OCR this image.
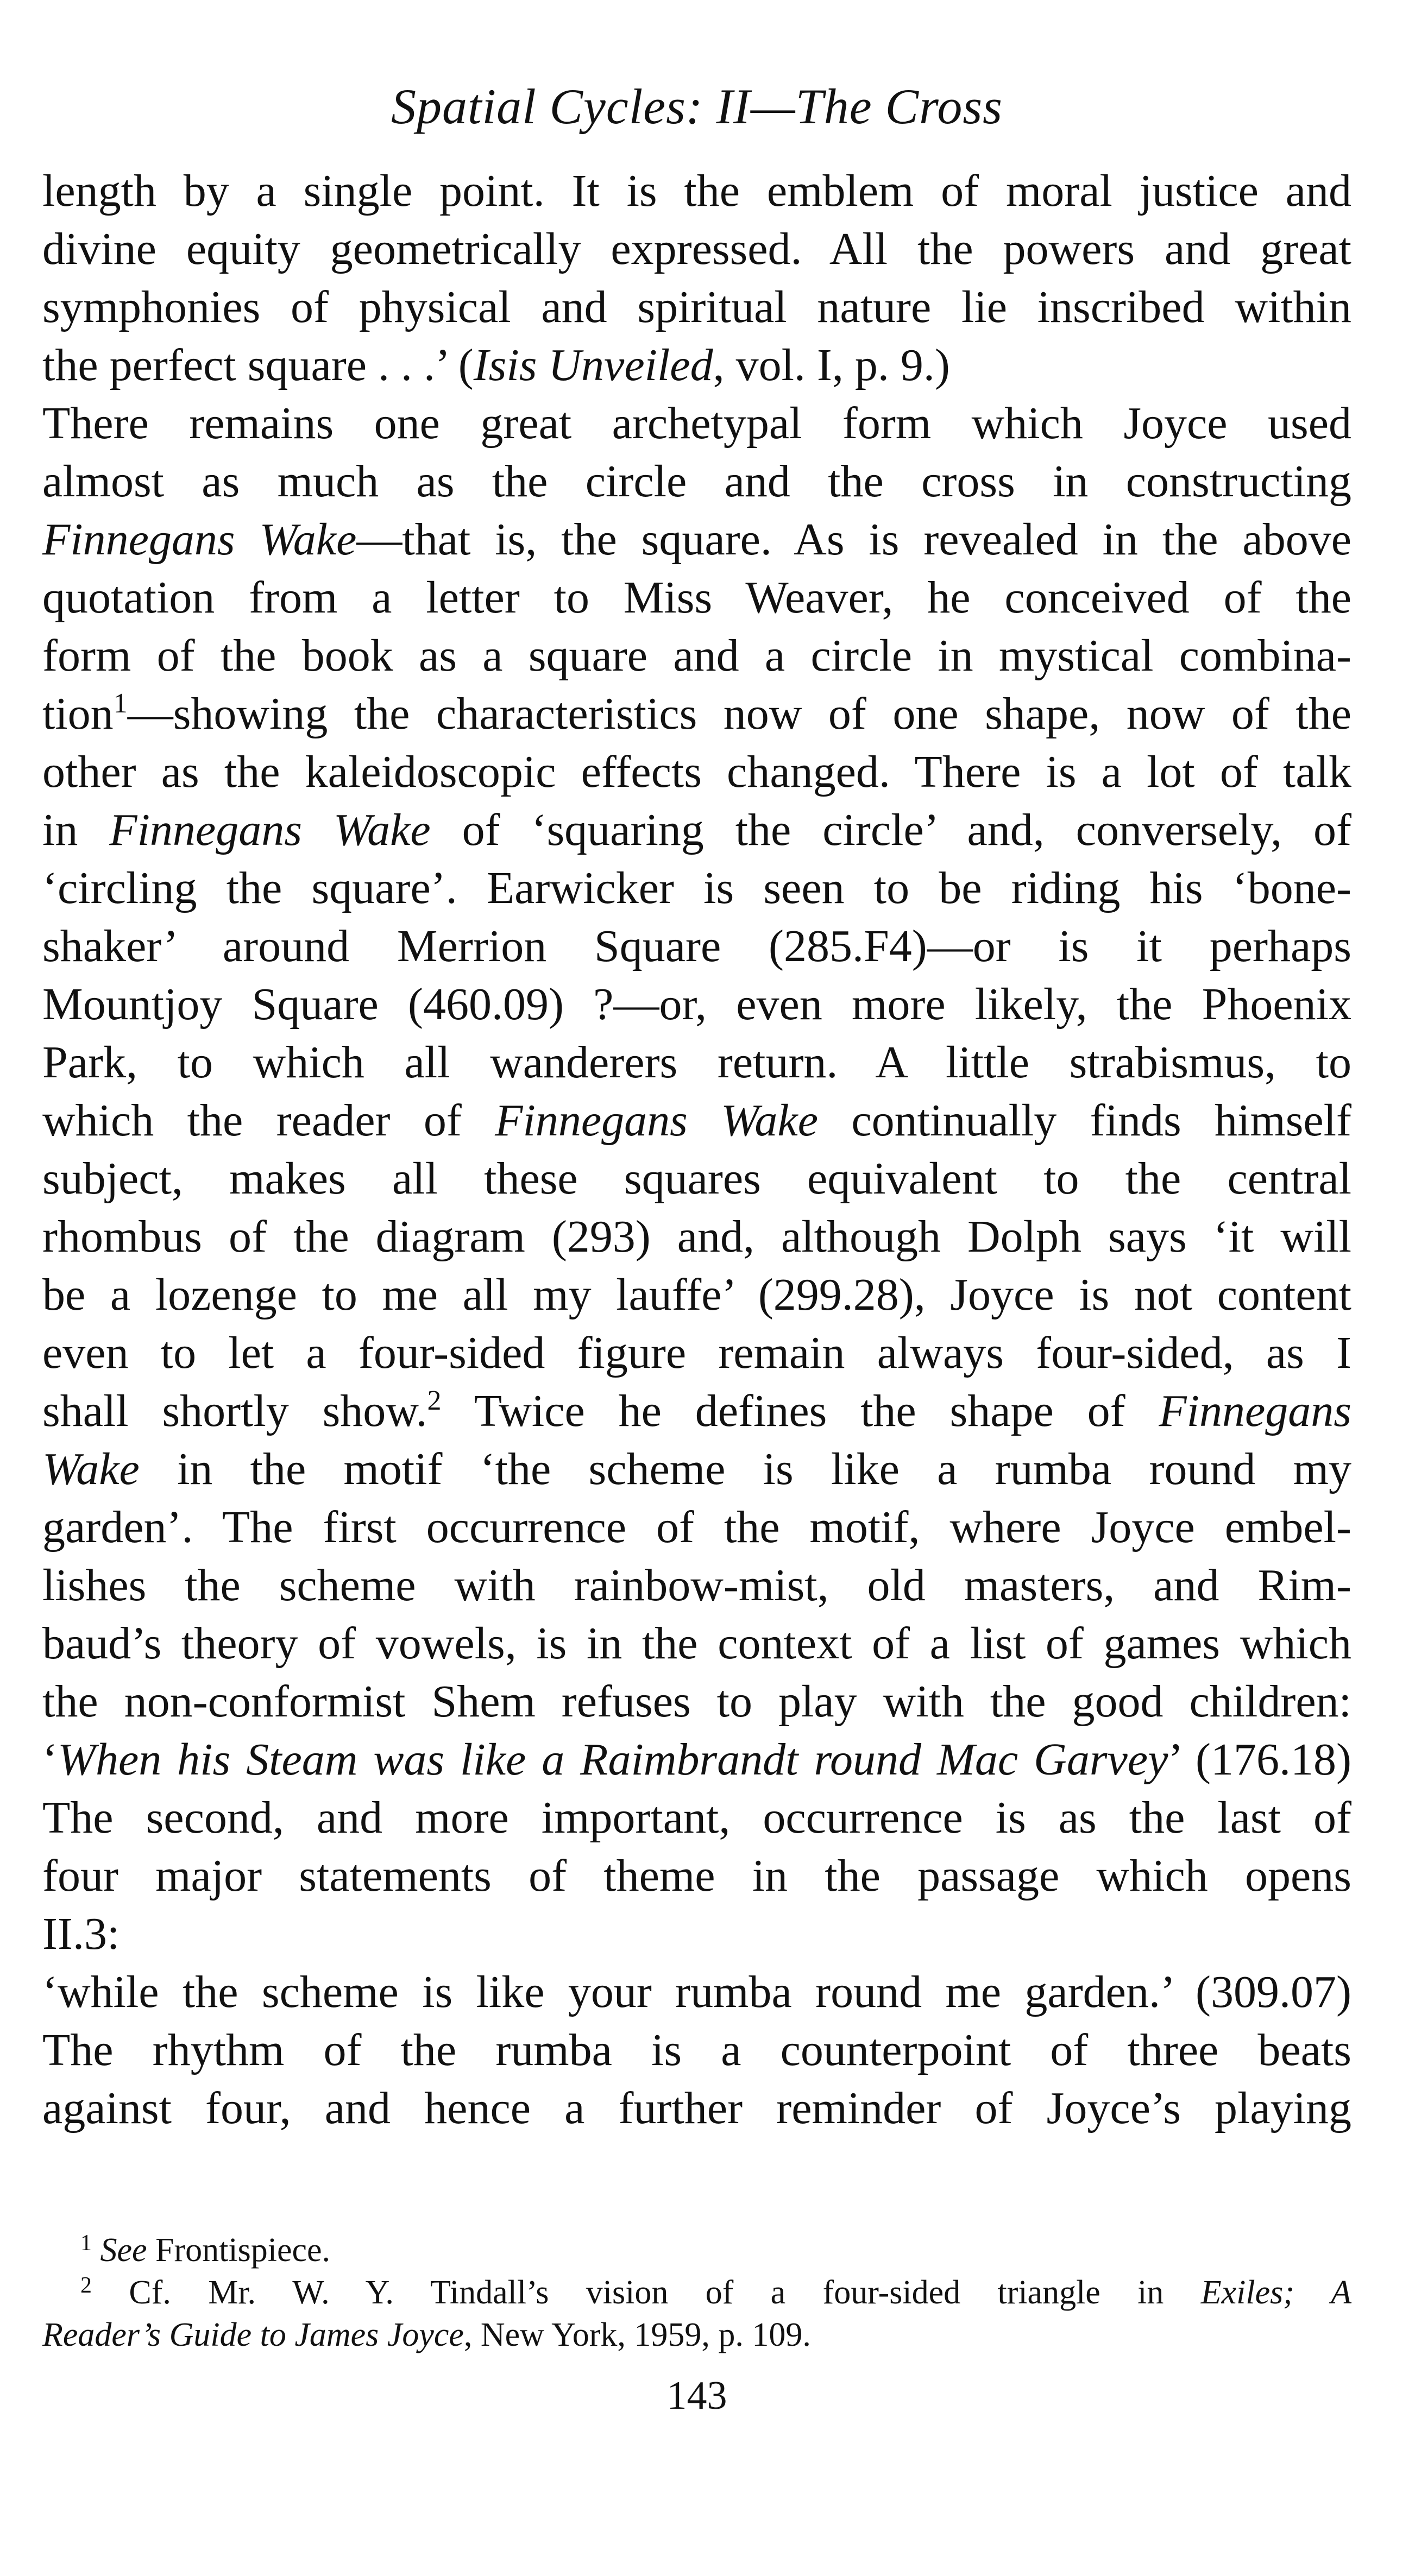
Spatial Cycles: II—The Cross
length by a single point. It is the emblem of moral justice and
divine equity geometrically expressed. All the powers and great
symphonies of physical and spiritual nature lie inscribed within
the perfect square . . .’ (Isis Unveiled, vol. I, p. 9.)
There remains one great archetypal form which Joyce used
almost as much as the circle and the cross in constructing
Finnegans Wake—that is, the square. As is revealed in the above
quotation from a letter to Miss Weaver, he conceived of the
form of the book as a square and a circle in mystical combina-
tion$^1$—showing the characteristics now of one shape, now of the
other as the kaleidoscopic effects changed. There is a lot of talk
in Finnegans Wake of ‘squaring the circle’ and, conversely, of
‘circling the square’. Earwicker is seen to be riding his ‘bone-
shaker’ around Merrion Square (285.F4)—or is it perhaps
Mountjoy Square (460.09) ?—or, even more likely, the Phoenix
Park, to which all wanderers return. A little strabismus, to
which the reader of Finnegans Wake continually finds himself
subject, makes all these squares equivalent to the central
rhombus of the diagram (293) and, although Dolph says ‘it will
be a lozenge to me all my lauffe’ (299.28), Joyce is not content
even to let a four-sided figure remain always four-sided, as I
shall shortly show.$^2$ Twice he defines the shape of Finnegans
Wake in the motif ‘the scheme is like a rumba round my
garden’. The first occurrence of the motif, where Joyce embel-
lishes the scheme with rainbow-mist, old masters, and Rim-
baud’s theory of vowels, is in the context of a list of games which
the non-conformist Shem refuses to play with the good children:
‘When his Steam was like a Raimbrandt round Mac Garvey’ (176.18)
The second, and more important, occurrence is as the last of
four major statements of theme in the passage which opens
II.3:
‘while the scheme is like your rumba round me garden.’ (309.07)
The rhythm of the rumba is a counterpoint of three beats
against four, and hence a further reminder of Joyce’s playing
$^1$ See Frontispiece.
$^2$ Cf. Mr. W. Y. Tindall’s vision of a four-sided triangle in Exiles; A
Reader’s Guide to James Joyce, New York, 1959, p. 109.
143
